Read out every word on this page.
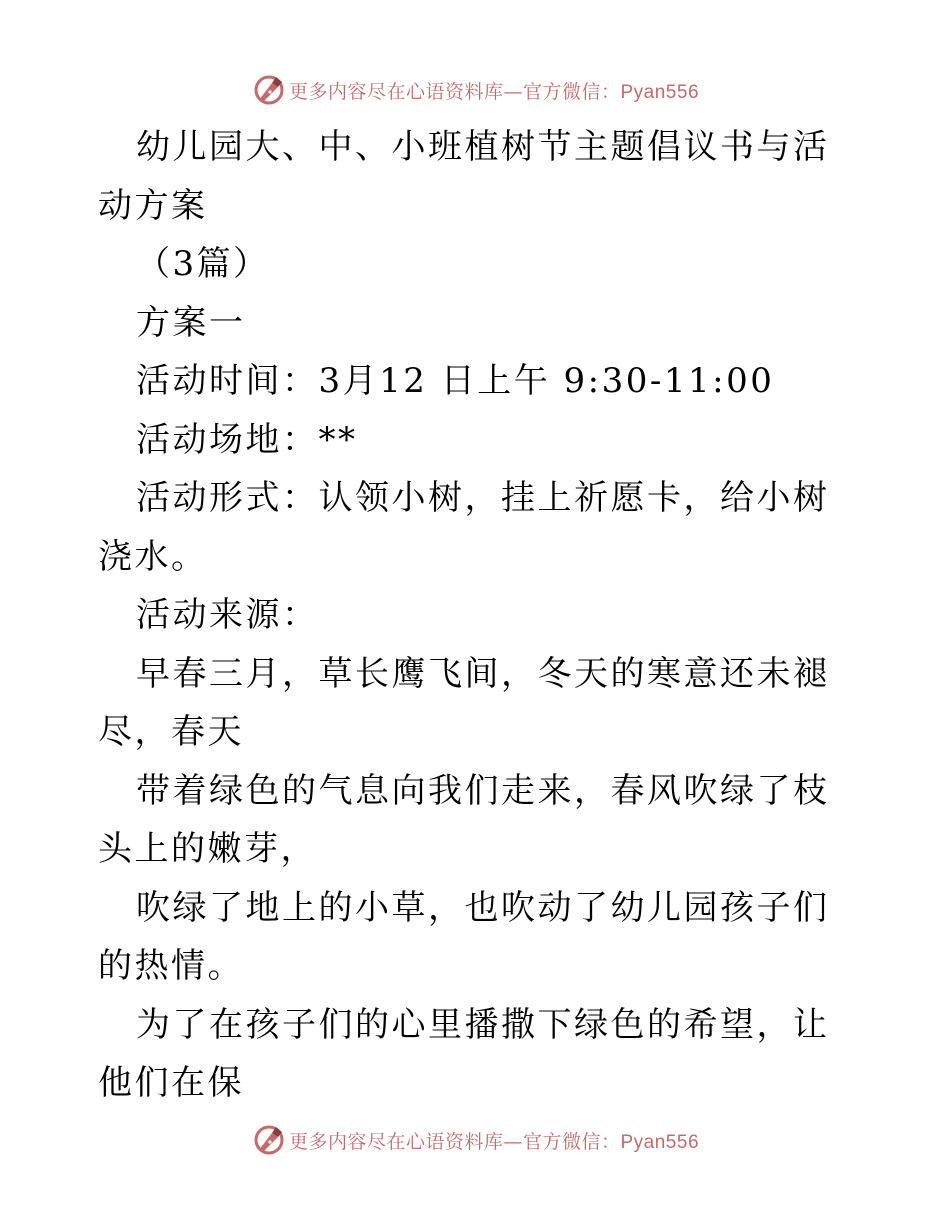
更多内容尽在心语资料库—官方微信：Pyan556

幼儿园大、中、小班植树节主题倡议书与活动方案

（3篇）

方案一

活动时间：3月12 日上午 9:30-11:00

活动场地：**

活动形式：认领小树，挂上祈愿卡，给小树浇水。

活动来源：

早春三月，草长鹰飞间，冬天的寒意还未褪尽，春天

带着绿色的气息向我们走来，春风吹绿了枝头上的嫩芽，

吹绿了地上的小草，也吹动了幼儿园孩子们的热情。

为了在孩子们的心里播撒下绿色的希望，让他们在保

更多内容尽在心语资料库—官方微信：Pyan556
